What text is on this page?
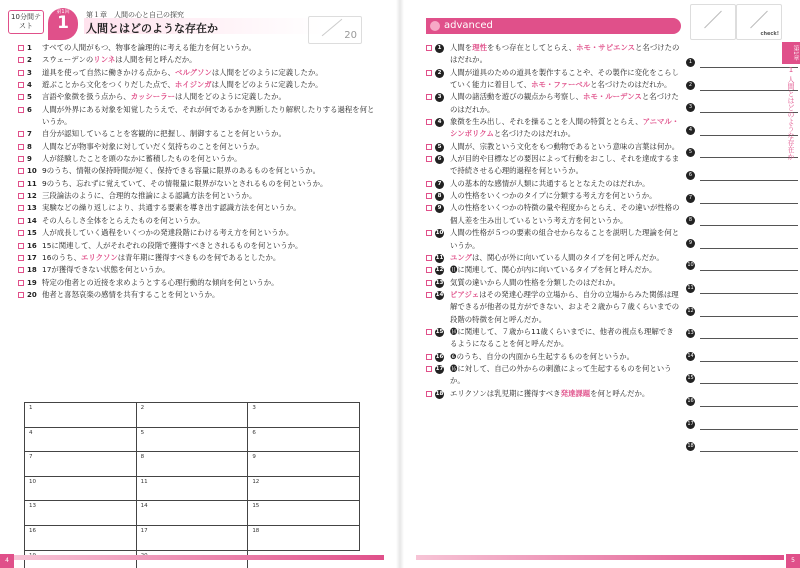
10分間テスト	1
第1回	第１章　人間の心と自己の探究
人間とはどのような存在か
20
1 すべての人間がもつ、物事を論理的に考える能力を何というか。
2 スウェーデンのリンネは人間を何と呼んだか。
3 道具を使って自然に働きかける点から、ベルグソンは人間をどのように定義したか。
4 遊ぶことから文化をつくりだした点で、ホイジンガは人間をどのように定義したか。
5 言語や象徴を扱う点から、カッシーラーは人間をどのように定義したか。
6 人間が外界にある対象を知覚したうえで、それが何であるかを判断したり解釈したりする過程を何というか。
7 自分が認知していることを客観的に把握し、制御することを何というか。
8 人間などが物事や対象に対していだく気持ちのことを何というか。
9 人が経験したことを頭のなかに蓄積したものを何というか。
10 9のうち、情報の保持時間が短く、保持できる容量に限界のあるものを何というか。
11 9のうち、忘れずに覚えていて、その情報量に限界がないとされるものを何というか。
12 三段論法のように、合理的な推論による認識方法を何というか。
13 実験などの繰り返しにより、共通する要素を導き出す認識方法を何というか。
14 その人らしさ全体をとらえたものを何というか。
15 人が成長していく過程をいくつかの発達段階にわける考え方を何というか。
16 15に関連して、人がそれぞれの段階で獲得すべきとされるものを何というか。
17 16のうち、エリクソンは青年期に獲得すべきものを何であるとしたか。
18 17が獲得できない状態を何というか。
19 特定の他者との近接を求めようとする心理行動的な傾向を何というか。
20 他者と喜怒哀楽の感情を共有することを何というか。
1	2	3
4	5	6
7	8	9
10	11	12
13	14	15
16	17	18

4
advanced
check!
1	人間を理性をもつ存在としてとらえ、ホモ・サピエンスと名づけたのはだれか。
2	人間が道具のための道具を製作することや、その製作に変化をこらしていく能力に着目して、ホモ・ファーベルと名づけたのはだれか。
3	人間の諸活動を遊びの観点から考察し、ホモ・ルーデンスと名づけたのはだれか。
4	象徴を生み出し、それを操ることを人間の特質ととらえ、アニマル・シンボリクムと名づけたのはだれか。
5	人間が、宗教という文化をもつ動物であるという意味の言葉は何か。
6	人が目的や目標などの要因によって行動をおこし、それを達成するまで持続させる心理的過程を何というか。
7	人の基本的な感情が人類に共通するととなえたのはだれか。
8	人の性格をいくつかのタイプに分類する考え方を何というか。
9	人の性格をいくつかの特徴の量や程度からとらえ、その違いが性格の個人差を生み出しているという考え方を何というか。
10 人間の性格が５つの要素の組合せからなることを説明した理論を何というか。
11 ユングは、関心が外に向いている人間のタイプを何と呼んだか。
12 ⓫に関連して、関心が内に向いているタイプを何と呼んだか。
13 気質の違いから人間の性格を分類したのはだれか。
14 ピアジェはその発達心理学の立場から、自分の立場からみた関係は理解できるが他者の見方ができない、およそ２歳から７歳くらいまでの段階の特徴を何と呼んだか。
15 ⓮に関連して、７歳から11歳くらいまでに、他者の視点も理解できるようになることを何と呼んだか。
16 ❻のうち、自分の内面から生起するものを何というか。
17 ⓰に対して、自己の外からの刺激によって生起するものを何というか。
18 エリクソンは乳児期に獲得すべき発達課題を何と呼んだか。
1
2
3
4
5
6
7
8
9
10
11
12
13
14
15
16
17
18
第1章
1
人間とはどのような存在か
5
